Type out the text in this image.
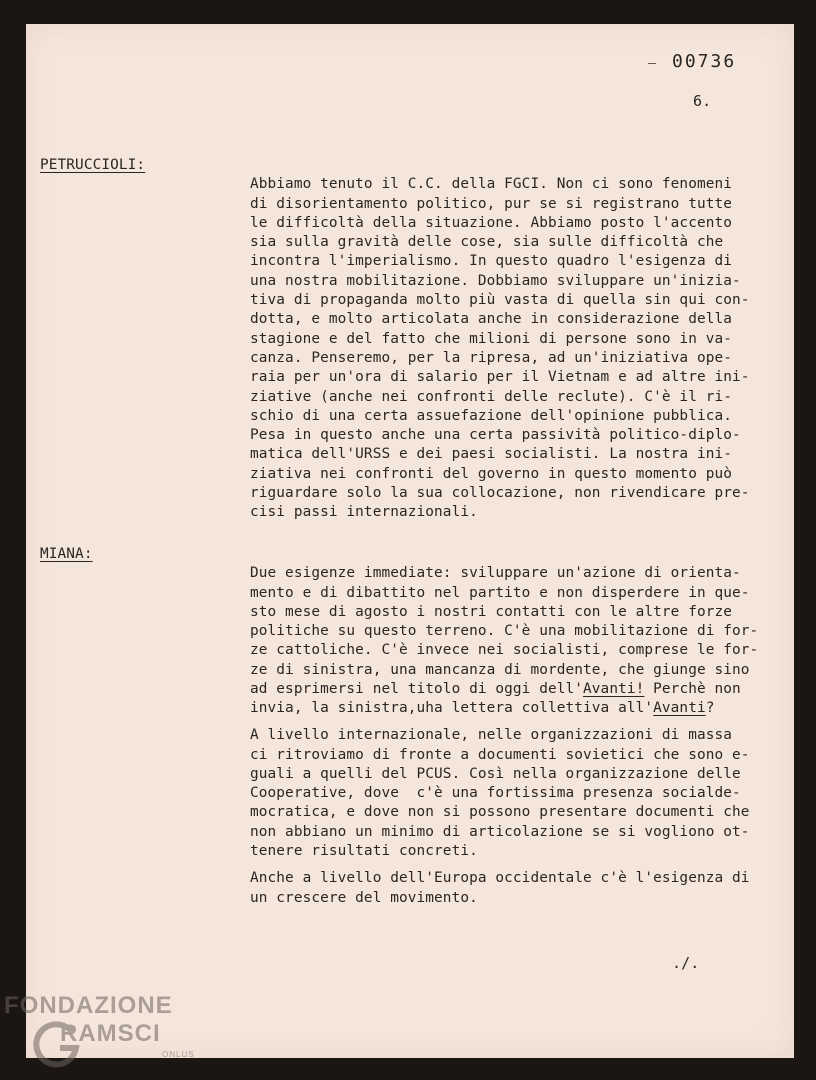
00736
6.
PETRUCCIOLI:

Abbiamo tenuto il C.C. della FGCI. Non ci sono fenomeni
di disorientamento politico, pur se si registrano tutte
le difficoltà della situazione. Abbiamo posto l'accento
sia sulla gravità delle cose, sia sulle difficoltà che
incontra l'imperialismo. In questo quadro l'esigenza di
una nostra mobilitazione. Dobbiamo sviluppare un'inizia-
tiva di propaganda molto più vasta di quella sin qui con-
dotta, e molto articolata anche in considerazione della
stagione e del fatto che milioni di persone sono in va-
canza. Penseremo, per la ripresa, ad un'iniziativa ope-
raia per un'ora di salario per il Vietnam e ad altre ini-
ziative (anche nei confronti delle reclute). C'è il ri-
schio di una certa assuefazione dell'opinione pubblica.
Pesa in questo anche una certa passività politico-diplo-
matica dell'URSS e dei paesi socialisti. La nostra ini-
ziativa nei confronti del governo in questo momento può
riguardare solo la sua collocazione, non rivendicare pre-
cisi passi internazionali.
MIANA:

Due esigenze immediate: sviluppare un'azione di orienta-
mento e di dibattito nel partito e non disperdere in que-
sto mese di agosto i nostri contatti con le altre forze
politiche su questo terreno. C'è una mobilitazione di for-
ze cattoliche. C'è invece nei socialisti, comprese le for-
ze di sinistra, una mancanza di mordente, che giunge sino
ad esprimersi nel titolo di oggi dell'Avanti! Perchè non
invia, la sinistra,uha lettera collettiva all'Avanti?

A livello internazionale, nelle organizzazioni di massa
ci ritroviamo di fronte a documenti sovietici che sono e-
guali a quelli del PCUS. Così nella organizzazione delle
Cooperative, dove  c'è una fortissima presenza socialde-
mocratica, e dove non si possono presentare documenti che
non abbiano un minimo di articolazione se si vogliono ot-
tenere risultati concreti.

Anche a livello dell'Europa occidentale c'è l'esigenza di
un crescere del movimento.
./.
FONDAZIONE
RAMSCI
ONLUS
